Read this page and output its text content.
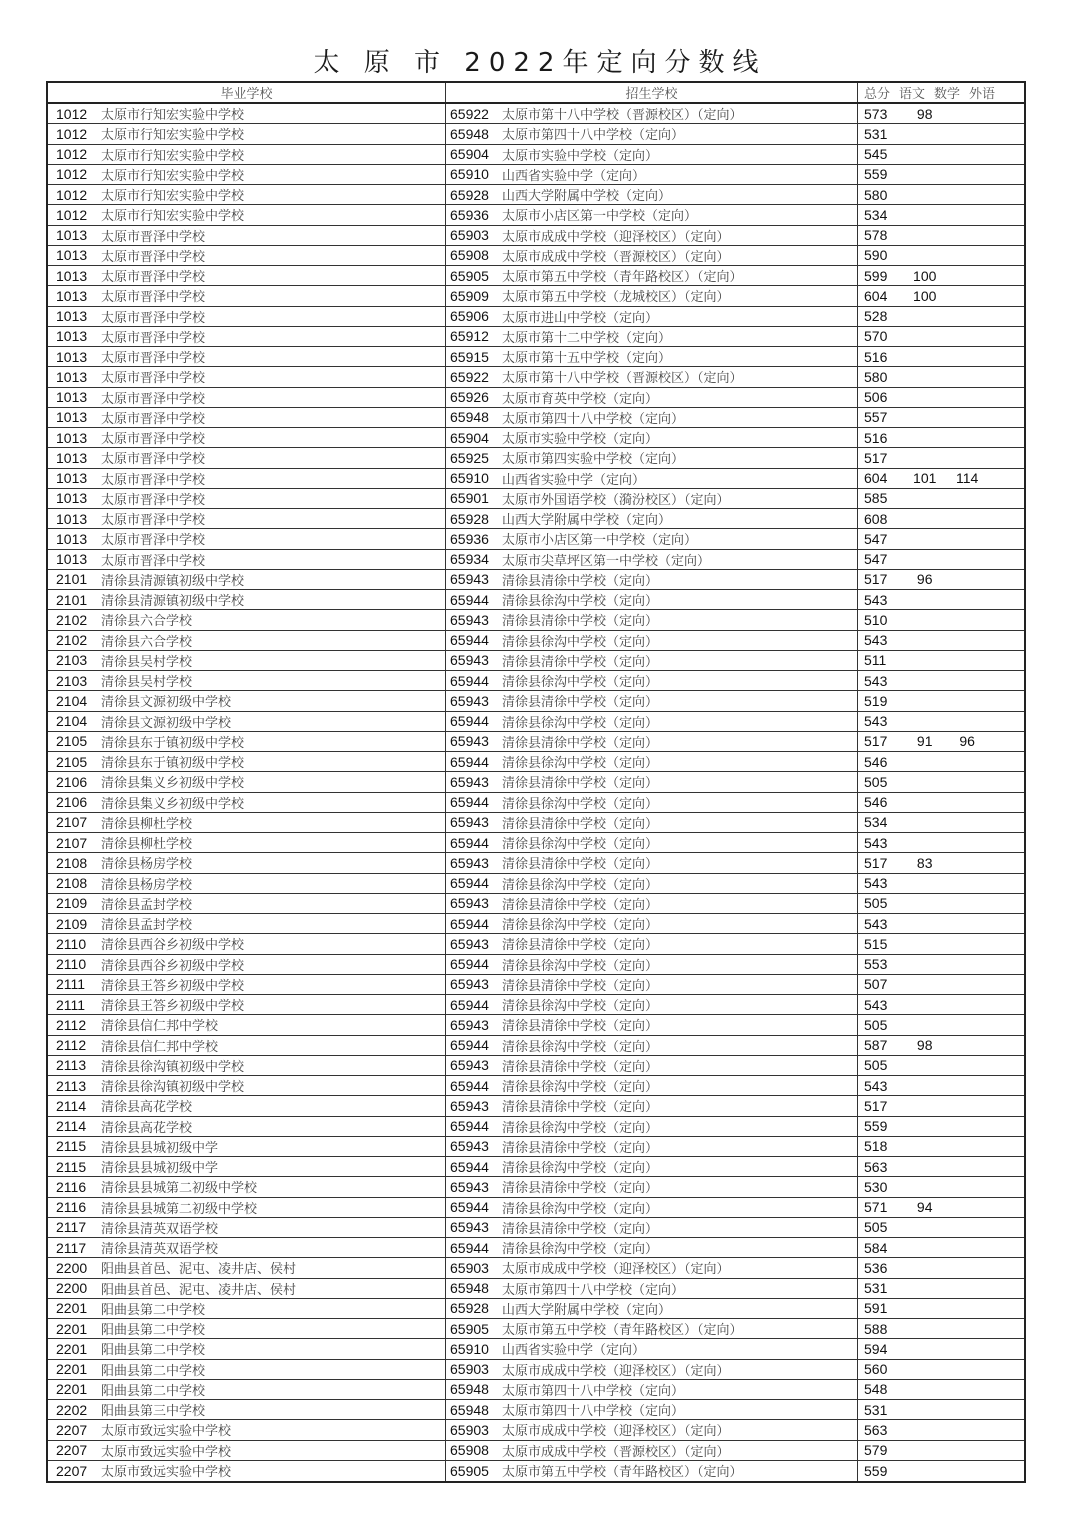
太 原 市 2022年定向分数线
毕业学校	招生学校	总分 语文 数学 外语
1012	太原市行知宏实验中学校	65922	太原市第十八中学校（晋源校区）（定向）	573	98
1012	太原市行知宏实验中学校	65948	太原市第四十八中学校（定向）	531
1012	太原市行知宏实验中学校	65904	太原市实验中学校（定向）	545
1012	太原市行知宏实验中学校	65910	山西省实验中学（定向）	559
1012	太原市行知宏实验中学校	65928	山西大学附属中学校（定向）	580
1012	太原市行知宏实验中学校	65936	太原市小店区第一中学校（定向）	534
1013	太原市晋泽中学校	65903	太原市成成中学校（迎泽校区）（定向）	578
1013	太原市晋泽中学校	65908	太原市成成中学校（晋源校区）（定向）	590
1013	太原市晋泽中学校	65905	太原市第五中学校（青年路校区）（定向）	599	100
1013	太原市晋泽中学校	65909	太原市第五中学校（龙城校区）（定向）	604	100
1013	太原市晋泽中学校	65906	太原市进山中学校（定向）	528
1013	太原市晋泽中学校	65912	太原市第十二中学校（定向）	570
1013	太原市晋泽中学校	65915	太原市第十五中学校（定向）	516
1013	太原市晋泽中学校	65922	太原市第十八中学校（晋源校区）（定向）	580
1013	太原市晋泽中学校	65926	太原市育英中学校（定向）	506
1013	太原市晋泽中学校	65948	太原市第四十八中学校（定向）	557
1013	太原市晋泽中学校	65904	太原市实验中学校（定向）	516
1013	太原市晋泽中学校	65925	太原市第四实验中学校（定向）	517
1013	太原市晋泽中学校	65910	山西省实验中学（定向）	604	101	114
1013	太原市晋泽中学校	65901	太原市外国语学校（漪汾校区）（定向）	585
1013	太原市晋泽中学校	65928	山西大学附属中学校（定向）	608
1013	太原市晋泽中学校	65936	太原市小店区第一中学校（定向）	547
1013	太原市晋泽中学校	65934	太原市尖草坪区第一中学校（定向）	547
2101	清徐县清源镇初级中学校	65943	清徐县清徐中学校（定向）	517	96
2101	清徐县清源镇初级中学校	65944	清徐县徐沟中学校（定向）	543
2102	清徐县六合学校	65943	清徐县清徐中学校（定向）	510
2102	清徐县六合学校	65944	清徐县徐沟中学校（定向）	543
2103	清徐县吴村学校	65943	清徐县清徐中学校（定向）	511
2103	清徐县吴村学校	65944	清徐县徐沟中学校（定向）	543
2104	清徐县文源初级中学校	65943	清徐县清徐中学校（定向）	519
2104	清徐县文源初级中学校	65944	清徐县徐沟中学校（定向）	543
2105	清徐县东于镇初级中学校	65943	清徐县清徐中学校（定向）	517	91	96
2105	清徐县东于镇初级中学校	65944	清徐县徐沟中学校（定向）	546
2106	清徐县集义乡初级中学校	65943	清徐县清徐中学校（定向）	505
2106	清徐县集义乡初级中学校	65944	清徐县徐沟中学校（定向）	546
2107	清徐县柳杜学校	65943	清徐县清徐中学校（定向）	534
2107	清徐县柳杜学校	65944	清徐县徐沟中学校（定向）	543
2108	清徐县杨房学校	65943	清徐县清徐中学校（定向）	517	83
2108	清徐县杨房学校	65944	清徐县徐沟中学校（定向）	543
2109	清徐县孟封学校	65943	清徐县清徐中学校（定向）	505
2109	清徐县孟封学校	65944	清徐县徐沟中学校（定向）	543
2110	清徐县西谷乡初级中学校	65943	清徐县清徐中学校（定向）	515
2110	清徐县西谷乡初级中学校	65944	清徐县徐沟中学校（定向）	553
2111	清徐县王答乡初级中学校	65943	清徐县清徐中学校（定向）	507
2111	清徐县王答乡初级中学校	65944	清徐县徐沟中学校（定向）	543
2112	清徐县信仁邦中学校	65943	清徐县清徐中学校（定向）	505
2112	清徐县信仁邦中学校	65944	清徐县徐沟中学校（定向）	587	98
2113	清徐县徐沟镇初级中学校	65943	清徐县清徐中学校（定向）	505
2113	清徐县徐沟镇初级中学校	65944	清徐县徐沟中学校（定向）	543
2114	清徐县高花学校	65943	清徐县清徐中学校（定向）	517
2114	清徐县高花学校	65944	清徐县徐沟中学校（定向）	559
2115	清徐县县城初级中学	65943	清徐县清徐中学校（定向）	518
2115	清徐县县城初级中学	65944	清徐县徐沟中学校（定向）	563
2116	清徐县县城第二初级中学校	65943	清徐县清徐中学校（定向）	530
2116	清徐县县城第二初级中学校	65944	清徐县徐沟中学校（定向）	571	94
2117	清徐县清英双语学校	65943	清徐县清徐中学校（定向）	505
2117	清徐县清英双语学校	65944	清徐县徐沟中学校（定向）	584
2200	阳曲县首邑、泥屯、凌井店、侯村	65903	太原市成成中学校（迎泽校区）（定向）	536
2200	阳曲县首邑、泥屯、凌井店、侯村	65948	太原市第四十八中学校（定向）	531
2201	阳曲县第二中学校	65928	山西大学附属中学校（定向）	591
2201	阳曲县第二中学校	65905	太原市第五中学校（青年路校区）（定向）	588
2201	阳曲县第二中学校	65910	山西省实验中学（定向）	594
2201	阳曲县第二中学校	65903	太原市成成中学校（迎泽校区）（定向）	560
2201	阳曲县第二中学校	65948	太原市第四十八中学校（定向）	548
2202	阳曲县第三中学校	65948	太原市第四十八中学校（定向）	531
2207	太原市致远实验中学校	65903	太原市成成中学校（迎泽校区）（定向）	563
2207	太原市致远实验中学校	65908	太原市成成中学校（晋源校区）（定向）	579
2207	太原市致远实验中学校	65905	太原市第五中学校（青年路校区）（定向）	559
